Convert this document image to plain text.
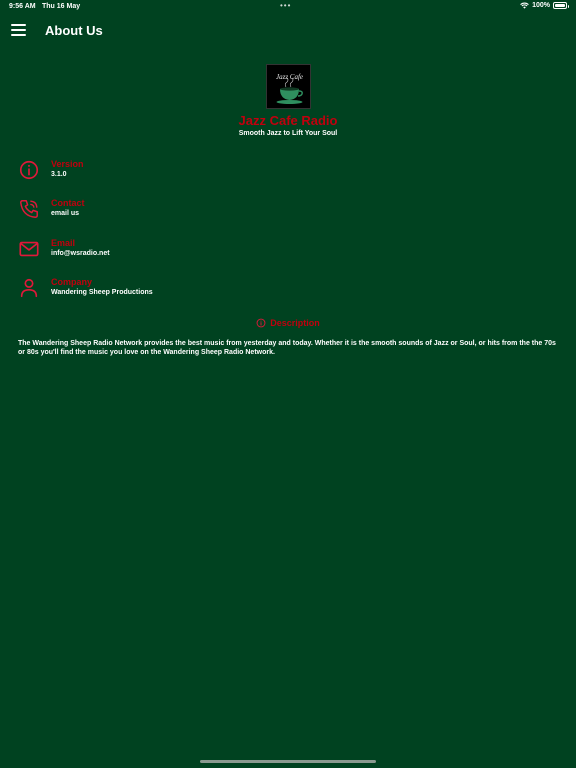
9:56 AM Thu 16 May	•••	100%
About Us
Jazz Cafe
Jazz Cafe Radio
Smooth Jazz to Lift Your Soul
Version
3.1.0
Contact
email us
Email
info@wsradio.net
Company
Wandering Sheep Productions
Description
The Wandering Sheep Radio Network provides the best music from yesterday and today. Whether it is the smooth sounds of Jazz or Soul, or hits from the the 70s or 80s you'll find the music you love on the Wandering Sheep Radio Network.
